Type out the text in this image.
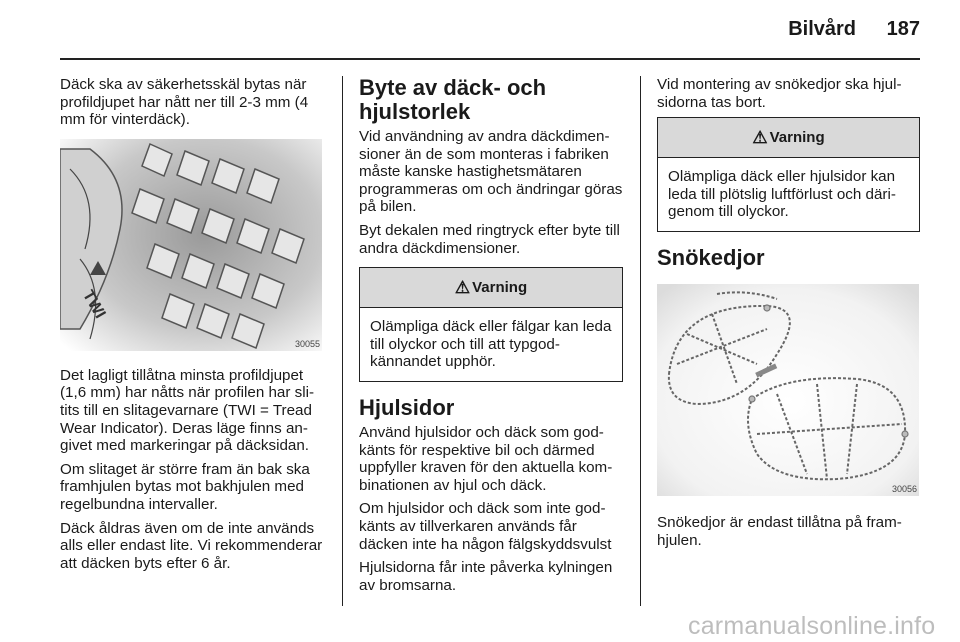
Bilvård	187

Däck ska av säkerhetsskäl bytas när profildjupet har nått ner till 2-3 mm (4 mm för vinterdäck).

TWI
30055

Det lagligt tillåtna minsta profildjupet (1,6 mm) har nåtts när profilen har slitits till en slitagevarnare (TWI = Tread Wear Indicator). Deras läge finns angivet med markeringar på däcksidan.

Om slitaget är större fram än bak ska framhjulen bytas mot bakhjulen med regelbundna intervaller.

Däck åldras även om de inte används alls eller endast lite. Vi rekommenderar att däcken byts efter 6 år.

Byte av däck- och hjulstorlek

Vid användning av andra däckdimensioner än de som monteras i fabriken måste kanske hastighetsmätaren programmeras om och ändringar göras på bilen.

Byt dekalen med ringtryck efter byte till andra däckdimensioner.

⚠ Varning

Olämpliga däck eller fälgar kan leda till olyckor och till att typgodkännandet upphör.

Hjulsidor

Använd hjulsidor och däck som godkänts för respektive bil och därmed uppfyller kraven för den aktuella kombinationen av hjul och däck.

Om hjulsidor och däck som inte godkänts av tillverkaren används får däcken inte ha någon fälgskyddsvulst

Hjulsidorna får inte påverka kylningen av bromsarna.

Vid montering av snökedjor ska hjulsidorna tas bort.

⚠ Varning

Olämpliga däck eller hjulsidor kan leda till plötslig luftförlust och därigenom till olyckor.

Snökedjor
30056

Snökedjor är endast tillåtna på framhjulen.

carmanualsonline.info
